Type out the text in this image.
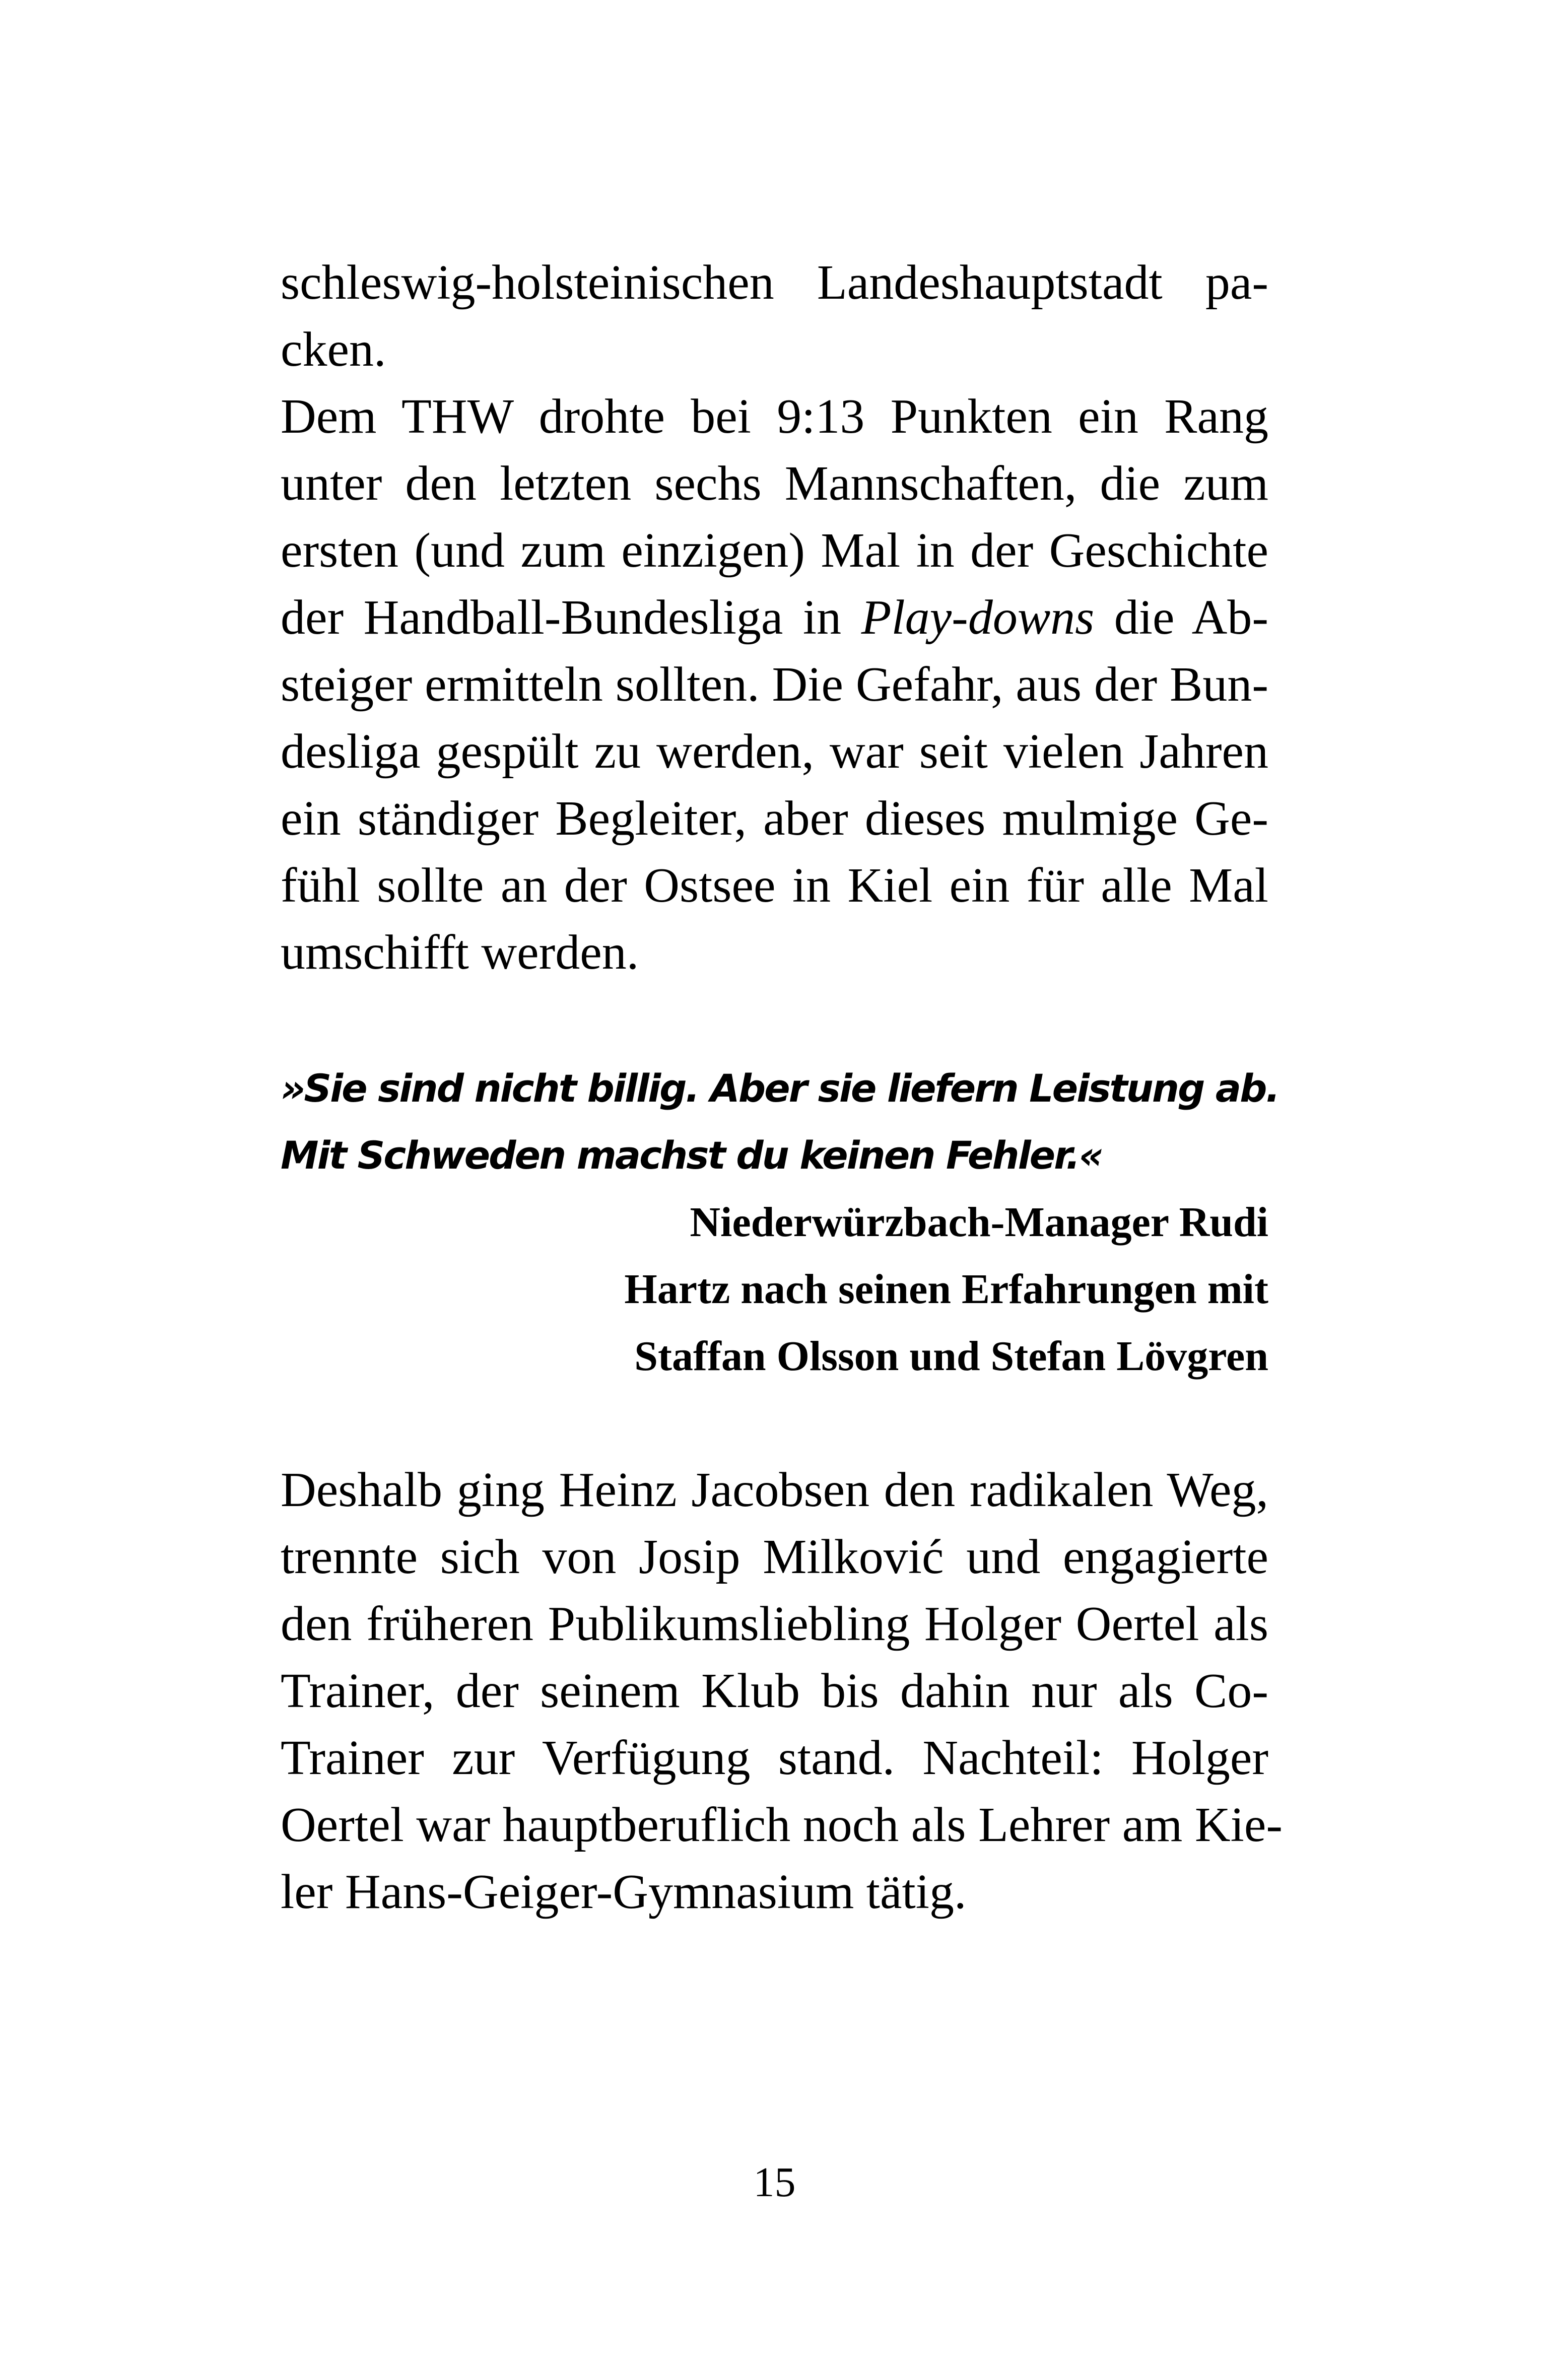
schleswig-holsteinischen Landeshauptstadt pa-
cken.
Dem THW drohte bei 9:13 Punkten ein Rang
unter den letzten sechs Mannschaften, die zum
ersten (und zum einzigen) Mal in der Geschichte
der Handball-Bundesliga in Play-downs die Ab-
steiger ermitteln sollten. Die Gefahr, aus der Bun-
desliga gespült zu werden, war seit vielen Jahren
ein ständiger Begleiter, aber dieses mulmige Ge-
fühl sollte an der Ostsee in Kiel ein für alle Mal
umschifft werden.
»Sie sind nicht billig. Aber sie liefern Leistung ab.
Mit Schweden machst du keinen Fehler.«
Niederwürzbach-Manager Rudi
Hartz nach seinen Erfahrungen mit
Staffan Olsson und Stefan Lövgren
Deshalb ging Heinz Jacobsen den radikalen Weg,
trennte sich von Josip Milković und engagierte
den früheren Publikumsliebling Holger Oertel als
Trainer, der seinem Klub bis dahin nur als Co-
Trainer zur Verfügung stand. Nachteil: Holger
Oertel war hauptberuflich noch als Lehrer am Kie-
ler Hans-Geiger-Gymnasium tätig.
15
